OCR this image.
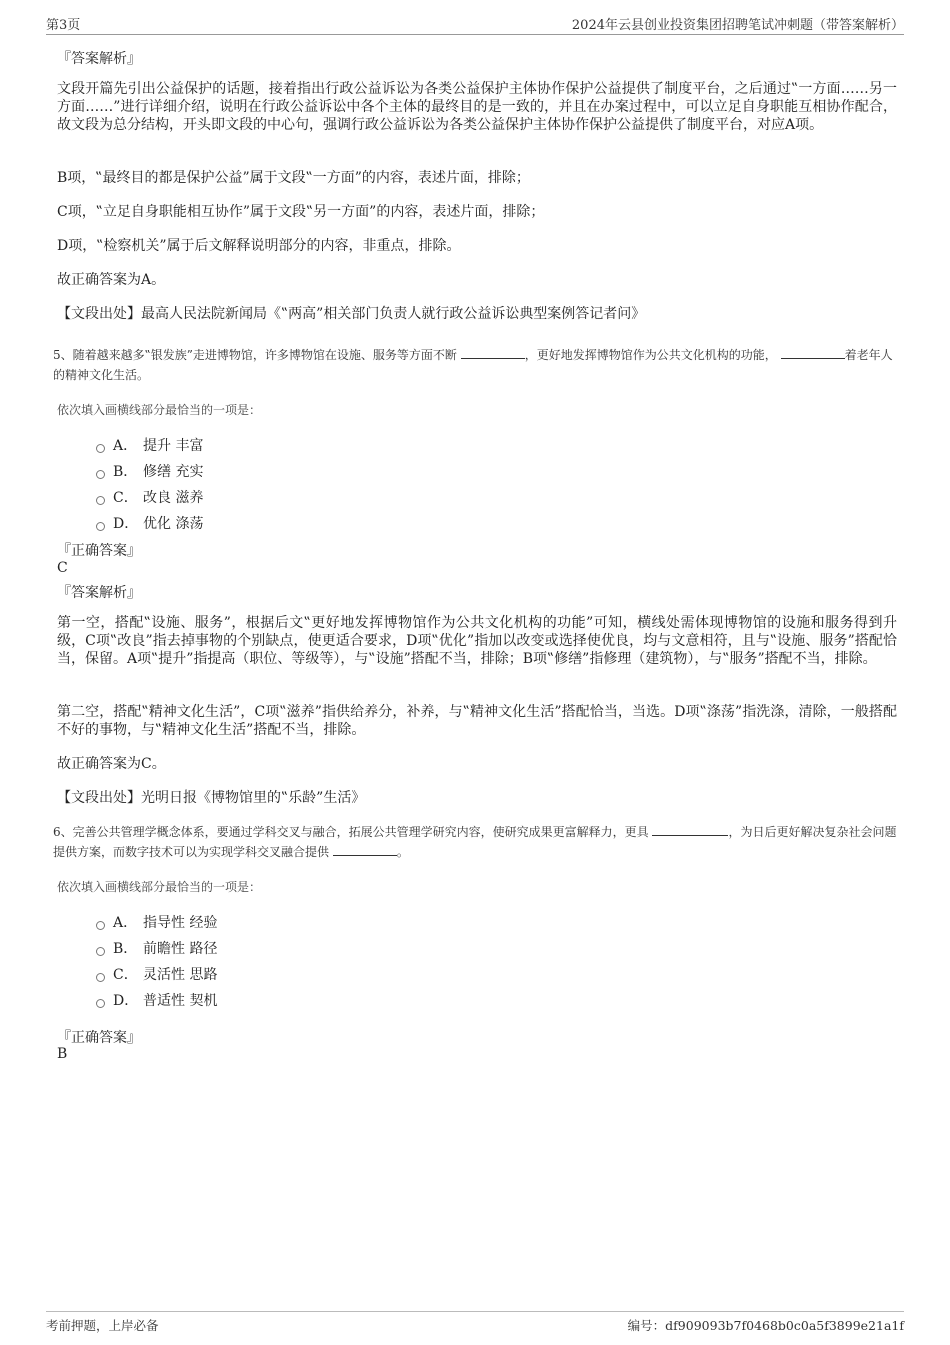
第3页	2024年云县创业投资集团招聘笔试冲刺题（带答案解析）
『答案解析』
文段开篇先引出公益保护的话题，接着指出行政公益诉讼为各类公益保护主体协作保护公益提供了制度平台，之后通过‟一方面……另一方面……”进行详细介绍，说明在行政公益诉讼中各个主体的最终目的是一致的，并且在办案过程中，可以立足自身职能互相协作配合，故文段为总分结构，开头即文段的中心句，强调行政公益诉讼为各类公益保护主体协作保护公益提供了制度平台，对应A项。
B项，‟最终目的都是保护公益”属于文段‟一方面”的内容，表述片面，排除；
C项，‟立足自身职能相互协作”属于文段‟另一方面”的内容，表述片面，排除；
D项，‟检察机关”属于后文解释说明部分的内容，非重点，排除。
故正确答案为A。
【文段出处】最高人民法院新闻局《‟两高”相关部门负责人就行政公益诉讼典型案例答记者问》
5、随着越来越多‟银发族”走进博物馆，许多博物馆在设施、服务等方面不断	，更好地发挥博物馆作为公共文化机构的功能，	着老年人的精神文化生活。
依次填入画横线部分最恰当的一项是：
A． 提升 丰富
B． 修缮 充实
C． 改良 滋养
D． 优化 涤荡
『正确答案』
C
『答案解析』
第一空，搭配‟设施、服务”，根据后文‟更好地发挥博物馆作为公共文化机构的功能”可知，横线处需体现博物馆的设施和服务得到升级，C项‟改良”指去掉事物的个别缺点，使更适合要求，D项‟优化”指加以改变或选择使优良，均与文意相符，且与‟设施、服务”搭配恰当，保留。A项‟提升”指提高（职位、等级等），与‟设施”搭配不当，排除；B项‟修缮”指修理（建筑物），与‟服务”搭配不当，排除。
第二空，搭配‟精神文化生活”，C项‟滋养”指供给养分，补养，与‟精神文化生活”搭配恰当，当选。D项‟涤荡”指洗涤，清除，一般搭配不好的事物，与‟精神文化生活”搭配不当，排除。
故正确答案为C。
【文段出处】光明日报《博物馆里的‟乐龄”生活》
6、完善公共管理学概念体系，要通过学科交叉与融合，拓展公共管理学研究内容，使研究成果更富解释力，更具	，为日后更好解决复杂社会问题提供方案，而数字技术可以为实现学科交叉融合提供	。
依次填入画横线部分最恰当的一项是：
A． 指导性 经验
B． 前瞻性 路径
C． 灵活性 思路
D． 普适性 契机
『正确答案』
B
考前押题，上岸必备	编号：df909093b7f0468b0c0a5f3899e21a1f
